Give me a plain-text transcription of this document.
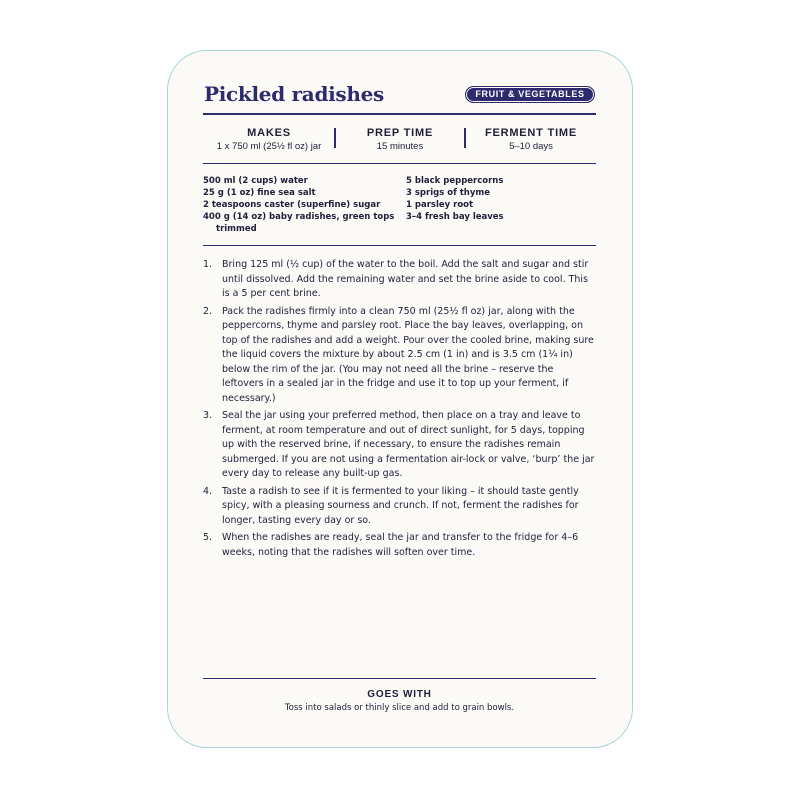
Pickled radishes	FRUIT & VEGETABLES
MAKES
1 x 750 ml (25½ fl oz) jar
PREP TIME
15 minutes
FERMENT TIME
5–10 days
500 ml (2 cups) water
25 g (1 oz) fine sea salt
2 teaspoons caster (superfine) sugar
400 g (14 oz) baby radishes, green tops trimmed
5 black peppercorns
3 sprigs of thyme
1 parsley root
3–4 fresh bay leaves
1. Bring 125 ml (½ cup) of the water to the boil. Add the salt and sugar and stir until dissolved. Add the remaining water and set the brine aside to cool. This is a 5 per cent brine.
2. Pack the radishes firmly into a clean 750 ml (25½ fl oz) jar, along with the peppercorns, thyme and parsley root. Place the bay leaves, overlapping, on top of the radishes and add a weight. Pour over the cooled brine, making sure the liquid covers the mixture by about 2.5 cm (1 in) and is 3.5 cm (1¼ in) below the rim of the jar. (You may not need all the brine – reserve the leftovers in a sealed jar in the fridge and use it to top up your ferment, if necessary.)
3. Seal the jar using your preferred method, then place on a tray and leave to ferment, at room temperature and out of direct sunlight, for 5 days, topping up with the reserved brine, if necessary, to ensure the radishes remain submerged. If you are not using a fermentation air-lock or valve, ‘burp’ the jar every day to release any built-up gas.
4. Taste a radish to see if it is fermented to your liking – it should taste gently spicy, with a pleasing sourness and crunch. If not, ferment the radishes for longer, tasting every day or so.
5. When the radishes are ready, seal the jar and transfer to the fridge for 4–6 weeks, noting that the radishes will soften over time.
GOES WITH
Toss into salads or thinly slice and add to grain bowls.
